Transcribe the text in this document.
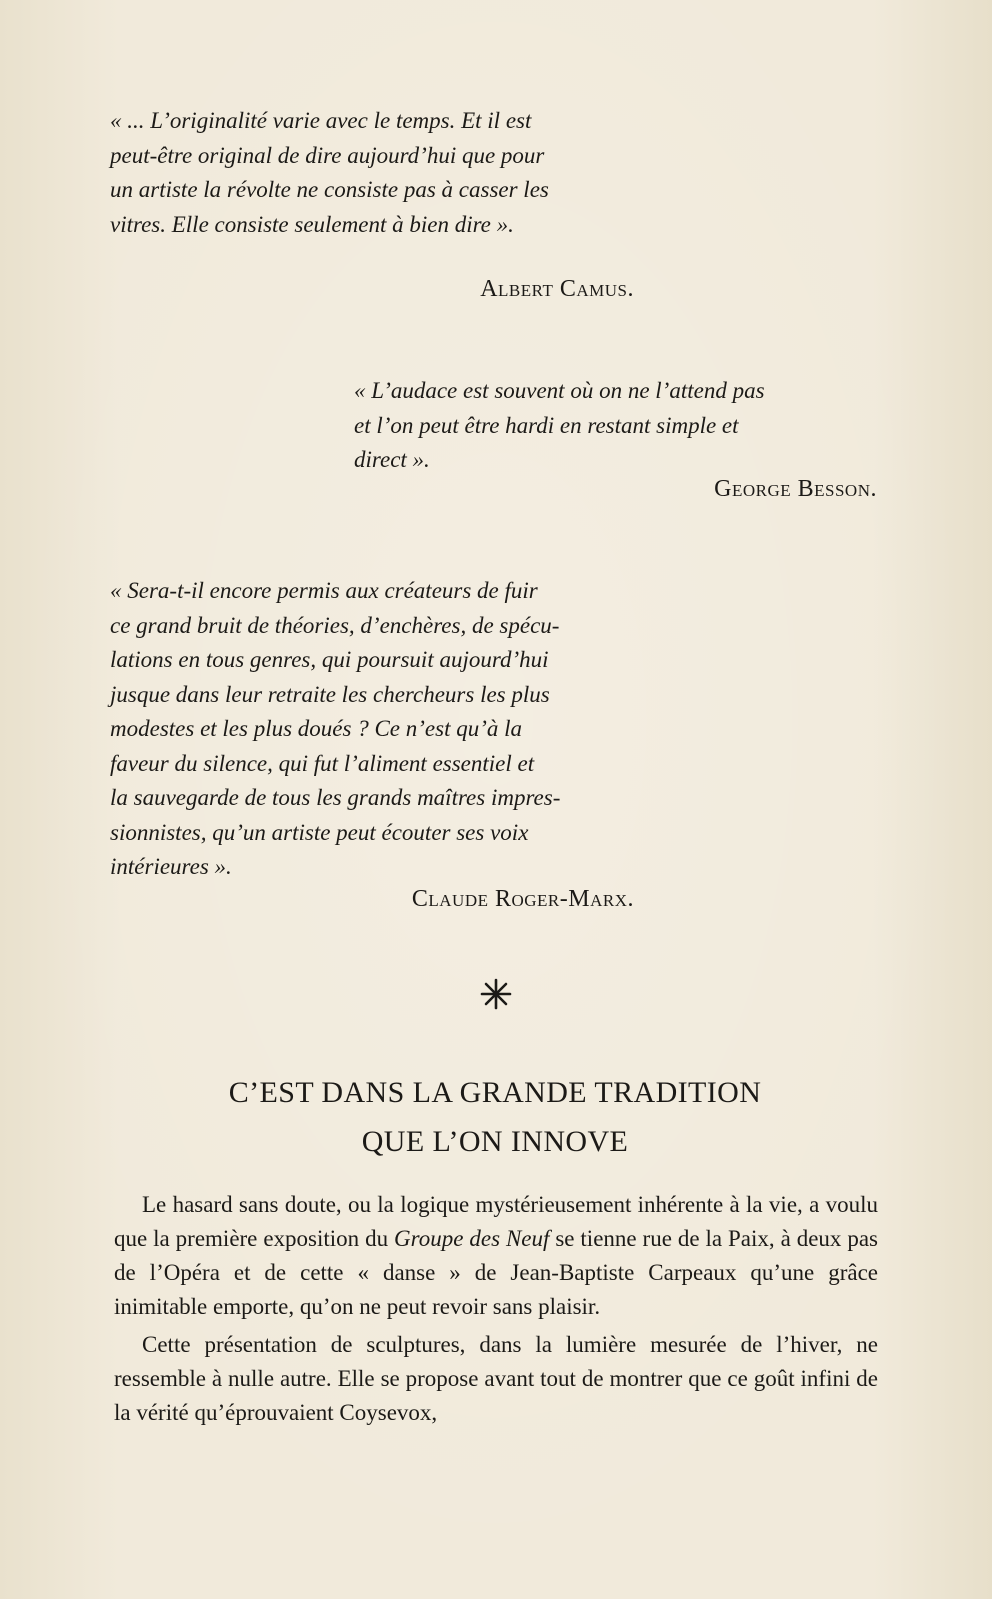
« ... L’originalité varie avec le temps. Et il est

peut-être original de dire aujourd’hui que pour

un artiste la révolte ne consiste pas à casser les

vitres. Elle consiste seulement à bien dire ».

Albert Camus.

« L’audace est souvent où on ne l’attend pas

et l’on peut être hardi en restant simple et

direct ».

George Besson.

« Sera-t-il encore permis aux créateurs de fuir

ce grand bruit de théories, d’enchères, de spécu-

lations en tous genres, qui poursuit aujourd’hui

jusque dans leur retraite les chercheurs les plus

modestes et les plus doués ? Ce n’est qu’à la

faveur du silence, qui fut l’aliment essentiel et

la sauvegarde de tous les grands maîtres impres-

sionnistes, qu’un artiste peut écouter ses voix

intérieures ».

Claude Roger-Marx.
C’EST DANS LA GRANDE TRADITION
QUE L’ON INNOVE

Le hasard sans doute, ou la logique mystérieusement inhérente à la vie, a voulu que la première exposition du Groupe des Neuf se tienne rue de la Paix, à deux pas de l’Opéra et de cette « danse » de Jean-Baptiste Carpeaux qu’une grâce inimitable emporte, qu’on ne peut revoir sans plaisir.

Cette présentation de sculptures, dans la lumière mesurée de l’hiver, ne ressemble à nulle autre. Elle se propose avant tout de montrer que ce goût infini de la vérité qu’éprouvaient Coysevox,
